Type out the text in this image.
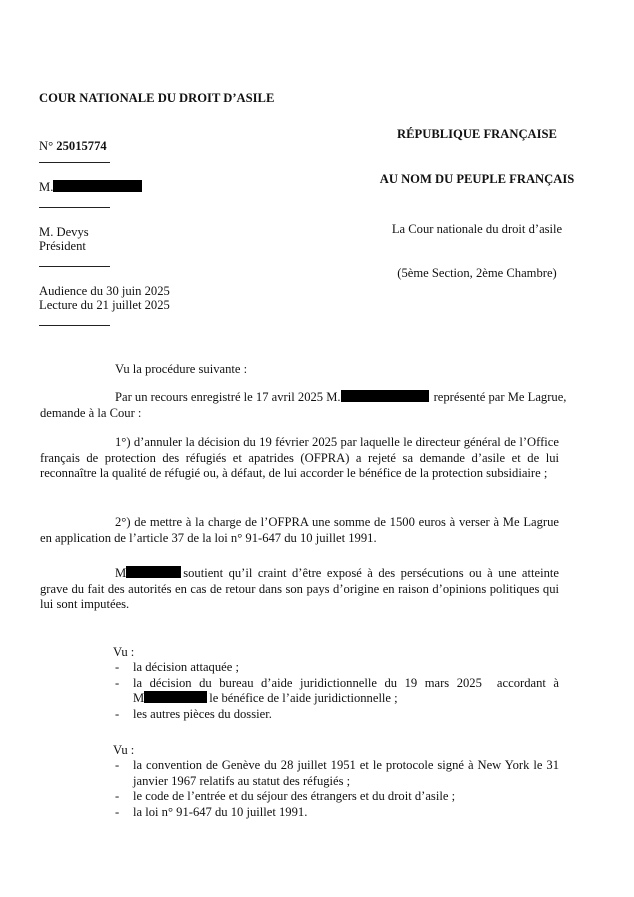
COUR NATIONALE DU DROIT D’ASILE
N° 25015774
M.
M. Devys
Président
Audience du 30 juin 2025
Lecture du 21 juillet 2025
RÉPUBLIQUE FRANÇAISE
AU NOM DU PEUPLE FRANÇAIS
La Cour nationale du droit d’asile
(5ème Section, 2ème Chambre)
Vu la procédure suivante :
Par un recours enregistré le 17 avril 2025 M.	représenté par Me Lagrue,
demande à la Cour :
1°) d’annuler la décision du 19 février 2025 par laquelle le directeur général de l’Office français de protection des réfugiés et apatrides (OFPRA) a rejeté sa demande d’asile et de lui reconnaître la qualité de réfugié ou, à défaut, de lui accorder le bénéfice de la protection subsidiaire ;
2°) de mettre à la charge de l’OFPRA une somme de 1500 euros à verser à Me Lagrue en application de l’article 37 de la loi n° 91-647 du 10 juillet 1991.
M	soutient qu’il craint d’être exposé à des persécutions ou à une atteinte grave du fait des autorités en cas de retour dans son pays d’origine en raison d’opinions politiques qui lui sont imputées.
Vu :
- la décision attaquée ;
- la décision du bureau d’aide juridictionnelle du 19 mars 2025  accordant à
M	le bénéfice de l’aide juridictionnelle ;
- les autres pièces du dossier.
Vu :
- la convention de Genève du 28 juillet 1951 et le protocole signé à New York le 31 janvier 1967 relatifs au statut des réfugiés ;
- le code de l’entrée et du séjour des étrangers et du droit d’asile ;
- la loi n° 91-647 du 10 juillet 1991.
